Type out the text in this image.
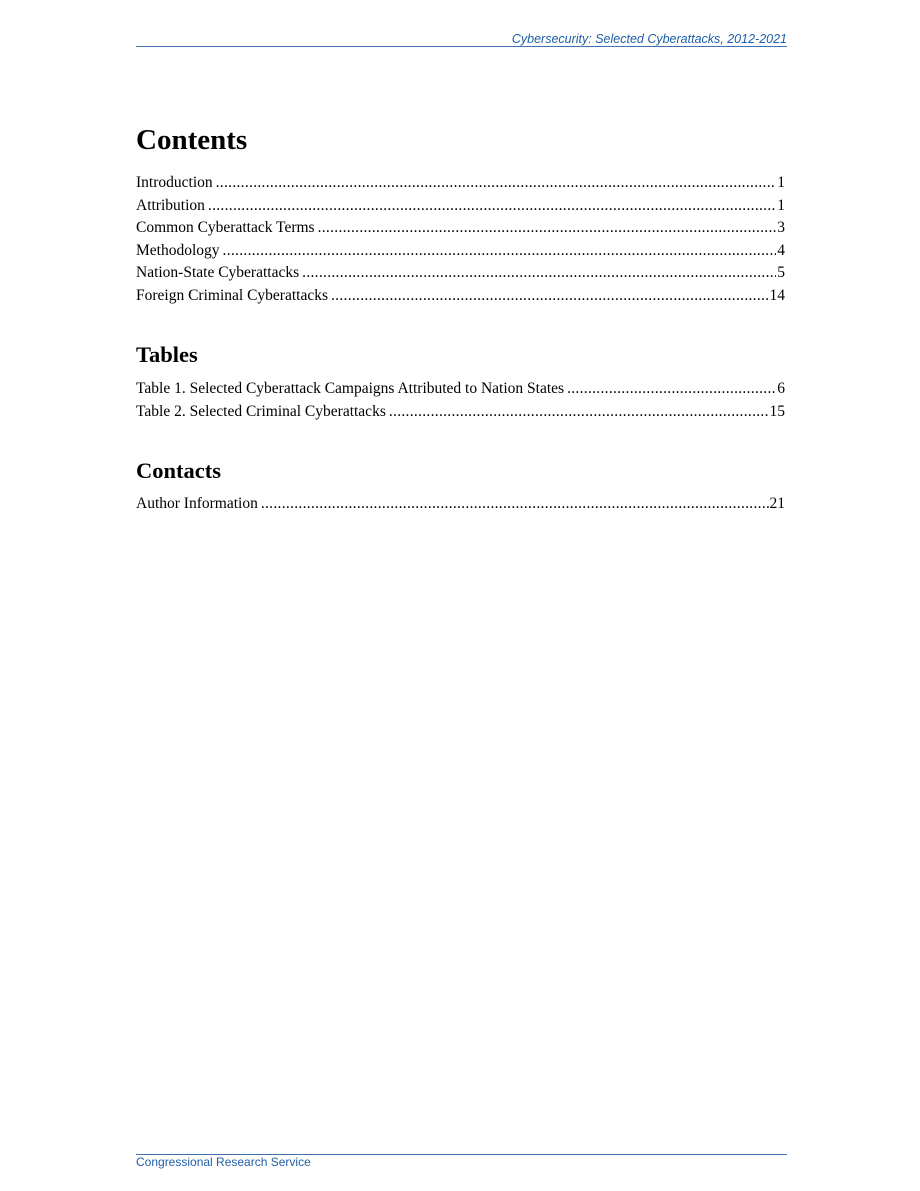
Cybersecurity: Selected Cyberattacks, 2012-2021
Contents
Introduction .....	1
Attribution .....	1
Common Cyberattack Terms .....	3
Methodology .....	4
Nation-State Cyberattacks .....	5
Foreign Criminal Cyberattacks .....	14
Tables
Table 1. Selected Cyberattack Campaigns Attributed to Nation States .....	6
Table 2. Selected Criminal Cyberattacks .....	15
Contacts
Author Information .....	21
Congressional Research Service
